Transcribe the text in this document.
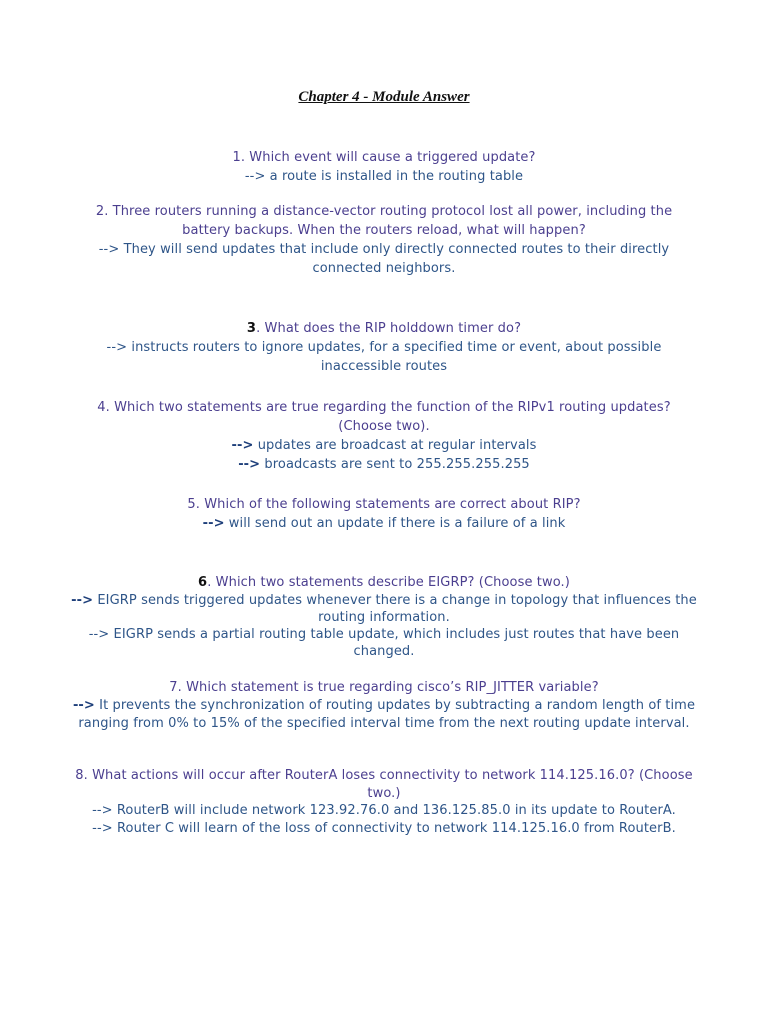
Chapter 4 - Module Answer
1. Which event will cause a triggered update?
--> a route is installed in the routing table
2. Three routers running a distance-vector routing protocol lost all power, including the battery backups. When the routers reload, what will happen?
--> They will send updates that include only directly connected routes to their directly connected neighbors.
3. What does the RIP holddown timer do?
--> instructs routers to ignore updates, for a specified time or event, about possible inaccessible routes
4. Which two statements are true regarding the function of the RIPv1 routing updates? (Choose two).
--> updates are broadcast at regular intervals
--> broadcasts are sent to 255.255.255.255
5. Which of the following statements are correct about RIP?
--> will send out an update if there is a failure of a link
6. Which two statements describe EIGRP? (Choose two.)
--> EIGRP sends triggered updates whenever there is a change in topology that influences the routing information.
--> EIGRP sends a partial routing table update, which includes just routes that have been changed.
7. Which statement is true regarding cisco’s RIP_JITTER variable?
--> It prevents the synchronization of routing updates by subtracting a random length of time ranging from 0% to 15% of the specified interval time from the next routing update interval.
8. What actions will occur after RouterA loses connectivity to network 114.125.16.0? (Choose two.)
--> RouterB will include network 123.92.76.0 and 136.125.85.0 in its update to RouterA.
--> Router C will learn of the loss of connectivity to network 114.125.16.0 from RouterB.
